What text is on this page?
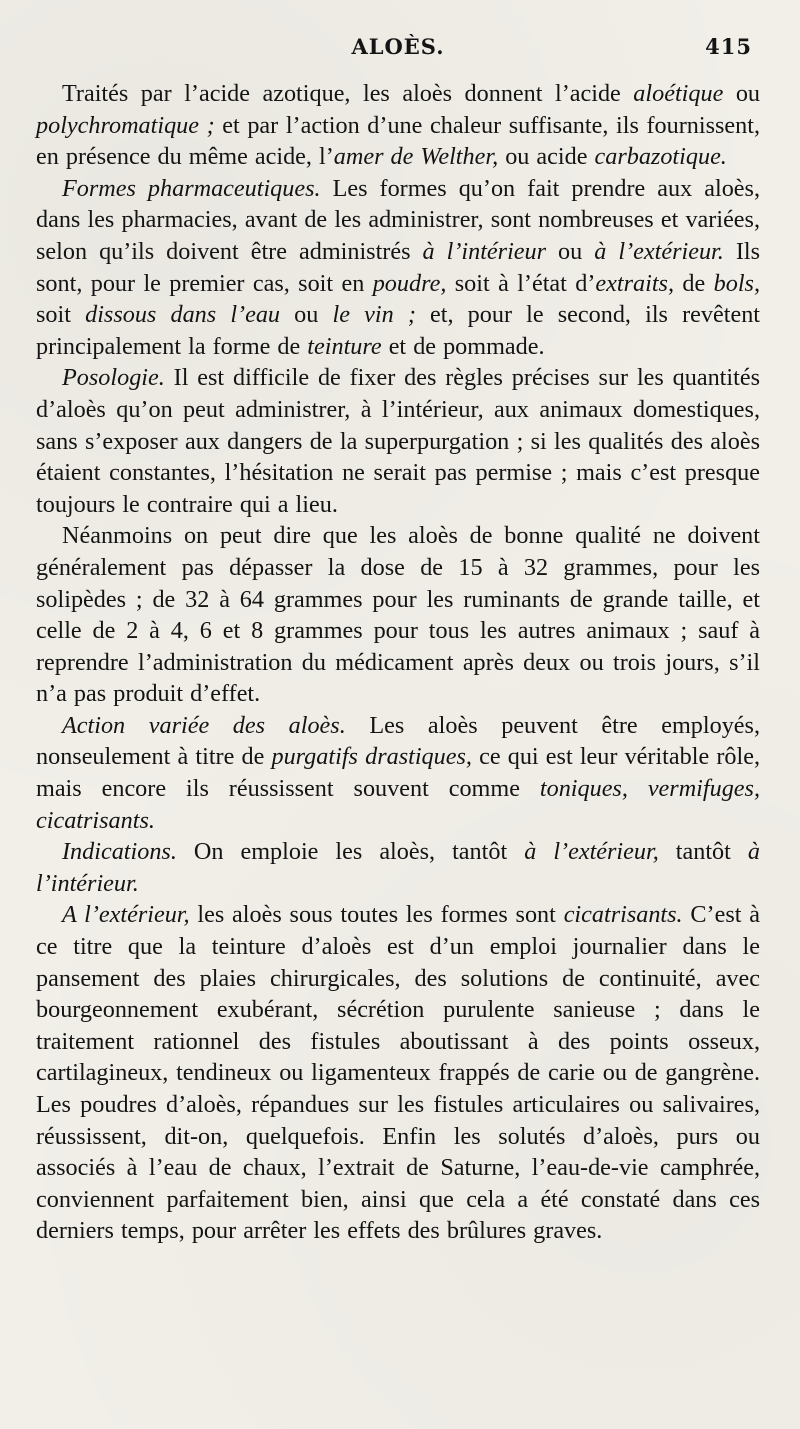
ALOÈS.	415

Traités par l’acide azotique, les aloès donnent l’acide aloétique ou polychromatique ; et par l’action d’une chaleur suffisante, ils fournissent, en présence du même acide, l’amer de Welther, ou acide carbazotique.

Formes pharmaceutiques. Les formes qu’on fait prendre aux aloès, dans les pharmacies, avant de les administrer, sont nombreuses et variées, selon qu’ils doivent être administrés à l’intérieur ou à l’extérieur. Ils sont, pour le premier cas, soit en poudre, soit à l’état d’extraits, de bols, soit dissous dans l’eau ou le vin ; et, pour le second, ils revêtent principalement la forme de teinture et de pommade.

Posologie. Il est difficile de fixer des règles précises sur les quantités d’aloès qu’on peut administrer, à l’intérieur, aux animaux domestiques, sans s’exposer aux dangers de la superpurgation ; si les qualités des aloès étaient constantes, l’hésitation ne serait pas permise ; mais c’est presque toujours le contraire qui a lieu.

Néanmoins on peut dire que les aloès de bonne qualité ne doivent généralement pas dépasser la dose de 15 à 32 grammes, pour les solipèdes ; de 32 à 64 grammes pour les ruminants de grande taille, et celle de 2 à 4, 6 et 8 grammes pour tous les autres animaux ; sauf à reprendre l’administration du médicament après deux ou trois jours, s’il n’a pas produit d’effet.

Action variée des aloès. Les aloès peuvent être employés, nonseulement à titre de purgatifs drastiques, ce qui est leur véritable rôle, mais encore ils réussissent souvent comme toniques, vermifuges, cicatrisants.

Indications. On emploie les aloès, tantôt à l’extérieur, tantôt à l’intérieur.

A l’extérieur, les aloès sous toutes les formes sont cicatrisants. C’est à ce titre que la teinture d’aloès est d’un emploi journalier dans le pansement des plaies chirurgicales, des solutions de continuité, avec bourgeonnement exubérant, sécrétion purulente sanieuse ; dans le traitement rationnel des fistules aboutissant à des points osseux, cartilagineux, tendineux ou ligamenteux frappés de carie ou de gangrène. Les poudres d’aloès, répandues sur les fistules articulaires ou salivaires, réussissent, dit-on, quelquefois. Enfin les solutés d’aloès, purs ou associés à l’eau de chaux, l’extrait de Saturne, l’eau-de-vie camphrée, conviennent parfaitement bien, ainsi que cela a été constaté dans ces derniers temps, pour arrêter les effets des brûlures graves.
